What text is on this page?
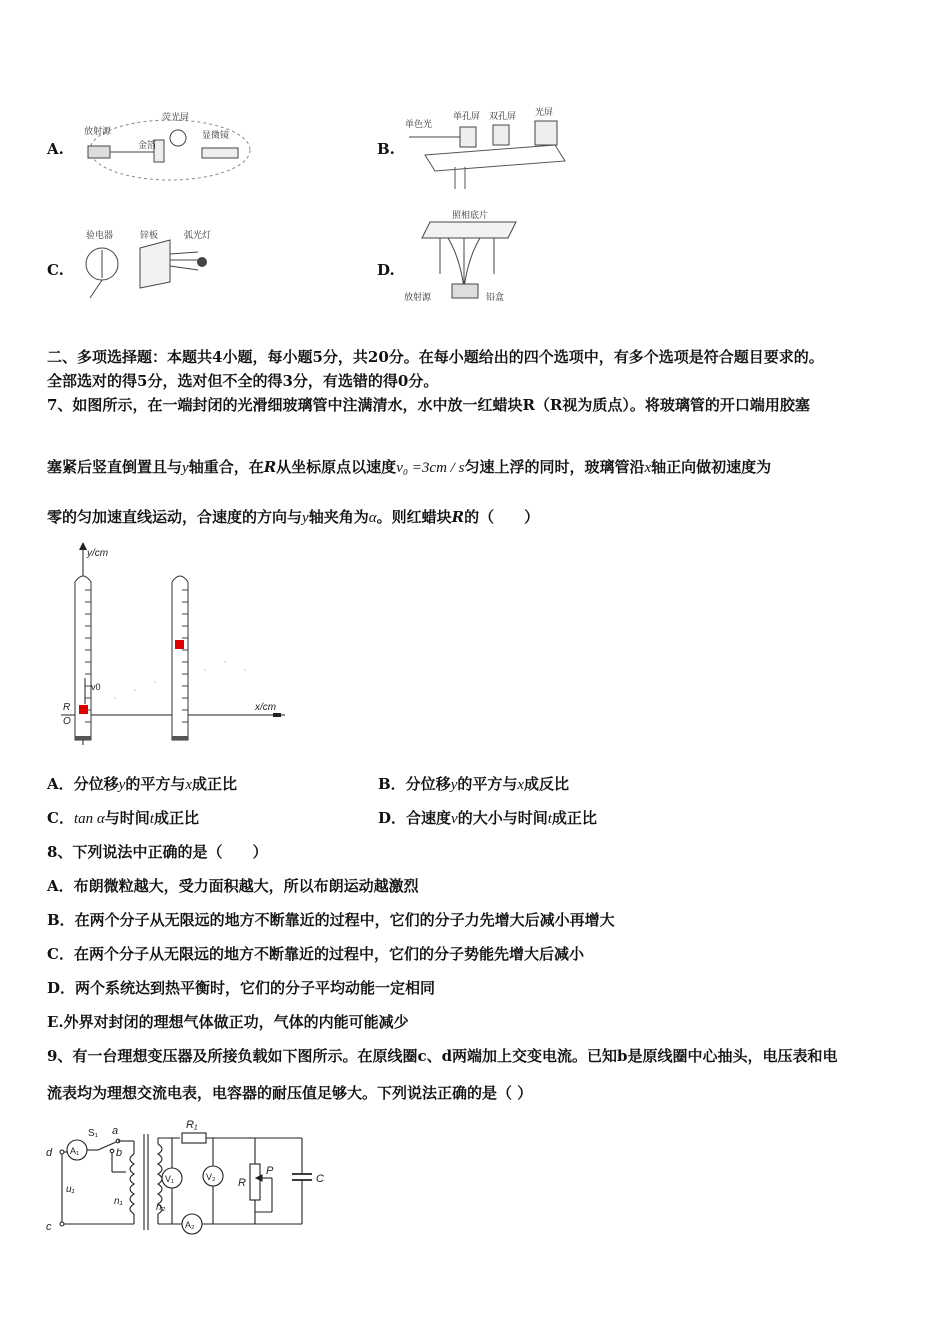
A.
放射源
荧光屏
金箔
显微镜
B.
单色光
单孔屏 双孔屏 光屏
C.
验电器	锌板	弧光灯
D.
照相底片
放射源	铅盒
二、多项选择题：本题共4小题，每小题5分，共20分。在每小题给出的四个选项中，有多个选项是符合题目要求的。
全部选对的得5分，选对但不全的得3分，有选错的得0分。
7、如图所示，在一端封闭的光滑细玻璃管中注满清水，水中放一红蜡块R（R视为质点）。将玻璃管的开口端用胶塞
塞紧后竖直倒置且与y轴重合，在R从坐标原点以速度v₀ =3cm / s匀速上浮的同时，玻璃管沿x轴正向做初速度为
零的匀加速直线运动，合速度的方向与y轴夹角为α。则红蜡块R的（　　）
y/cm
x/cm
v0
R
O
A．分位移y的平方与x成正比	B．分位移y的平方与x成反比
C．tan α与时间t成正比	D．合速度v的大小与时间t成正比
8、下列说法中正确的是（　　）
A．布朗微粒越大，受力面积越大，所以布朗运动越激烈
B．在两个分子从无限远的地方不断靠近的过程中，它们的分子力先增大后减小再增大
C．在两个分子从无限远的地方不断靠近的过程中，它们的分子势能先增大后减小
D．两个系统达到热平衡时，它们的分子平均动能一定相同
E.外界对封闭的理想气体做正功，气体的内能可能减少
9、有一台理想变压器及所接负载如下图所示。在原线圈c、d两端加上交变电流。已知b是原线圈中心抽头，电压表和电
流表均为理想交流电表，电容器的耐压值足够大。下列说法正确的是（ ）
d
c
A₁
S₁ a
b
u₁
n₁
n₂
V₁	V₂
R₁
R
P
C
A₂
